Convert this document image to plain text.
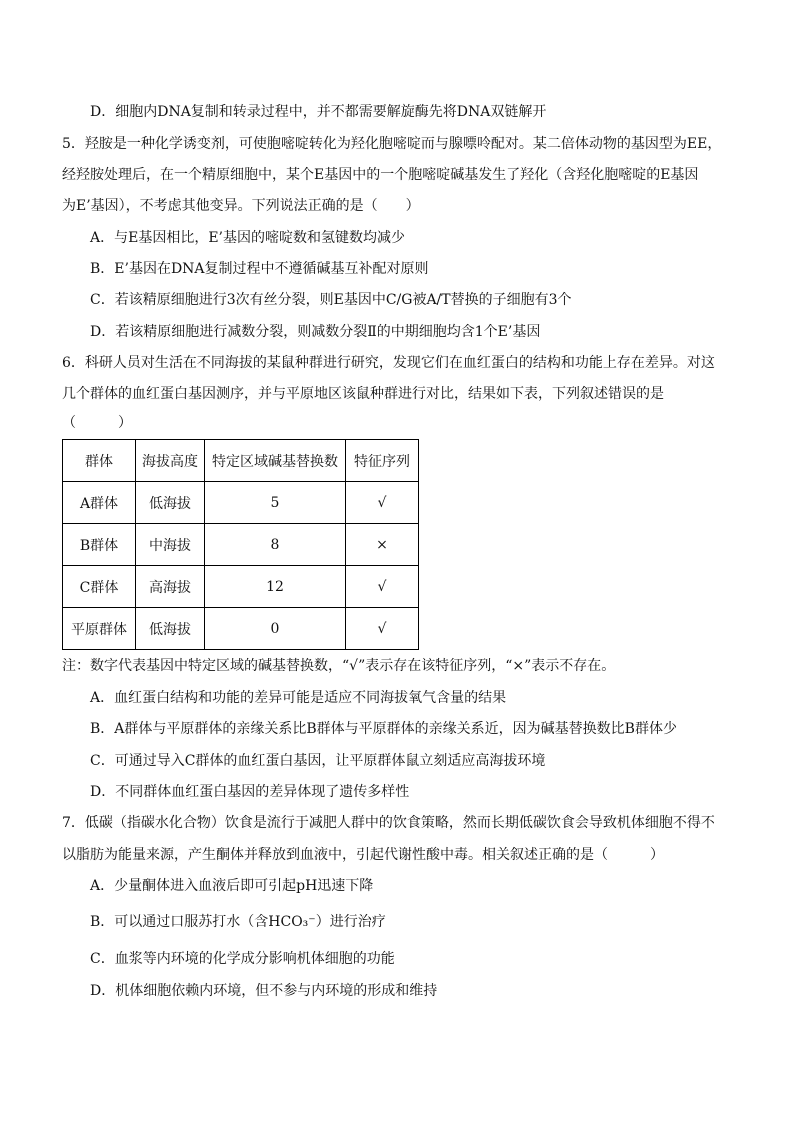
D．细胞内DNA复制和转录过程中，并不都需要解旋酶先将DNA双链解开
5．羟胺是一种化学诱变剂，可使胞嘧啶转化为羟化胞嘧啶而与腺嘌呤配对。某二倍体动物的基因型为EE，
经羟胺处理后，在一个精原细胞中，某个E基因中的一个胞嘧啶碱基发生了羟化（含羟化胞嘧啶的E基因
为E’基因），不考虑其他变异。下列说法正确的是（　　）
A．与E基因相比，E’基因的嘧啶数和氢键数均减少
B．E’基因在DNA复制过程中不遵循碱基互补配对原则
C．若该精原细胞进行3次有丝分裂，则E基因中C/G被A/T替换的子细胞有3个
D．若该精原细胞进行减数分裂，则减数分裂Ⅱ的中期细胞均含1个E’基因
6．科研人员对生活在不同海拔的某鼠种群进行研究，发现它们在血红蛋白的结构和功能上存在差异。对这
几个群体的血红蛋白基因测序，并与平原地区该鼠种群进行对比，结果如下表，下列叙述错误的是
（　　　）
群体	海拔高度	特定区域碱基替换数	特征序列
A群体	低海拔	5	√
B群体	中海拔	8	×
C群体	高海拔	12	√
平原群体	低海拔	0	√
注：数字代表基因中特定区域的碱基替换数，“√”表示存在该特征序列，“×”表示不存在。
A．血红蛋白结构和功能的差异可能是适应不同海拔氧气含量的结果
B．A群体与平原群体的亲缘关系比B群体与平原群体的亲缘关系近，因为碱基替换数比B群体少
C．可通过导入C群体的血红蛋白基因，让平原群体鼠立刻适应高海拔环境
D．不同群体血红蛋白基因的差异体现了遗传多样性
7．低碳（指碳水化合物）饮食是流行于减肥人群中的饮食策略，然而长期低碳饮食会导致机体细胞不得不
以脂肪为能量来源，产生酮体并释放到血液中，引起代谢性酸中毒。相关叙述正确的是（　　　）
A．少量酮体进入血液后即可引起pH迅速下降
B．可以通过口服苏打水（含HCO₃⁻）进行治疗
C．血浆等内环境的化学成分影响机体细胞的功能
D．机体细胞依赖内环境，但不参与内环境的形成和维持
